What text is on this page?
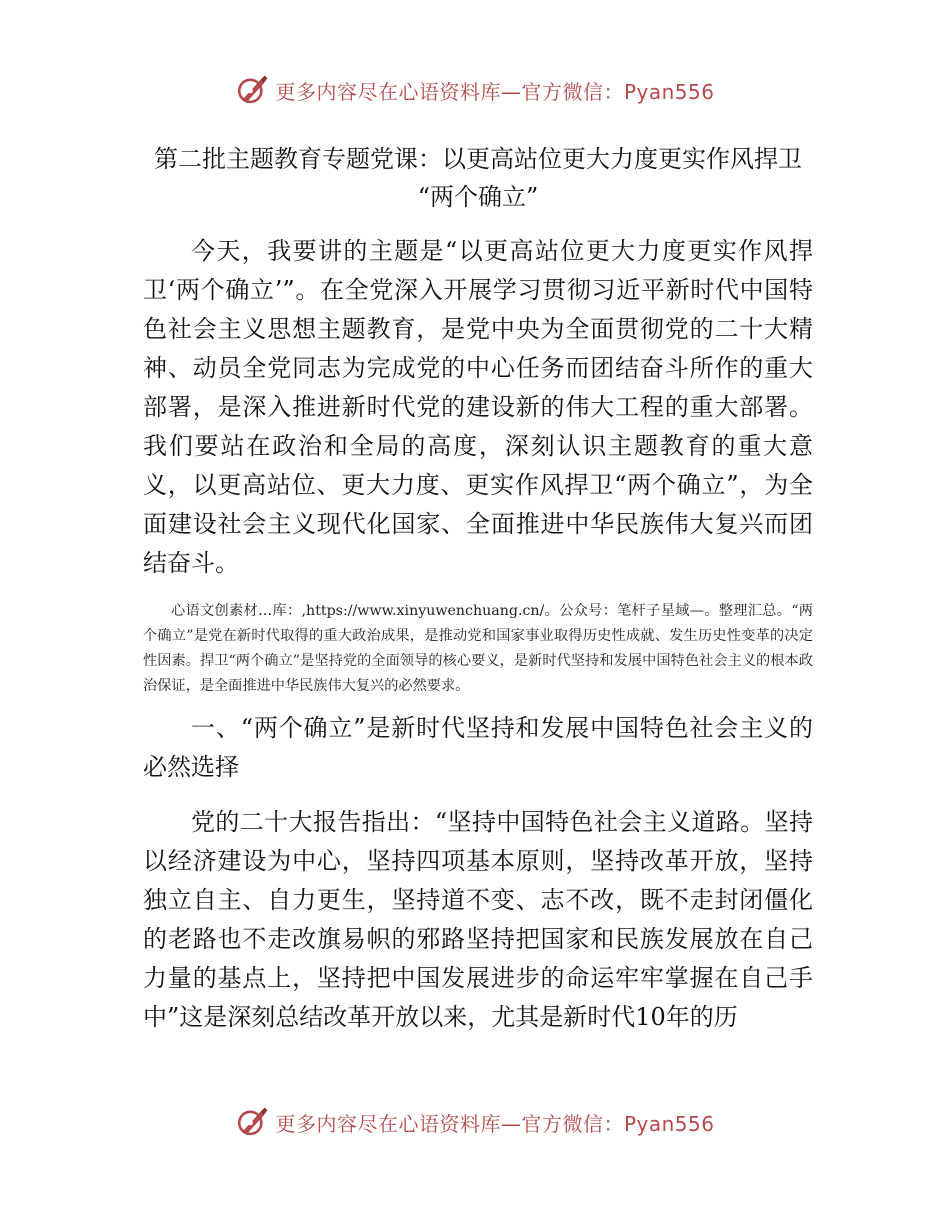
更多内容尽在心语资料库—官方微信：Pyan556
第二批主题教育专题党课：以更高站位更大力度更实作风捍卫
“两个确立”

今天，我要讲的主题是“以更高站位更大力度更实作风捍卫‘两个确立’”。在全党深入开展学习贯彻习近平新时代中国特色社会主义思想主题教育，是党中央为全面贯彻党的二十大精神、动员全党同志为完成党的中心任务而团结奋斗所作的重大部署，是深入推进新时代党的建设新的伟大工程的重大部署。我们要站在政治和全局的高度，深刻认识主题教育的重大意义，以更高站位、更大力度、更实作风捍卫“两个确立”，为全面建设社会主义现代化国家、全面推进中华民族伟大复兴而团结奋斗。

心语文创素材…库：,https://www.xinyuwenchuang.cn/。公众号：笔杆子星域—。整理汇总。“两个确立”是党在新时代取得的重大政治成果，是推动党和国家事业取得历史性成就、发生历史性变革的决定性因素。捍卫“两个确立”是坚持党的全面领导的核心要义，是新时代坚持和发展中国特色社会主义的根本政治保证，是全面推进中华民族伟大复兴的必然要求。

一、“两个确立”是新时代坚持和发展中国特色社会主义的必然选择

党的二十大报告指出：“坚持中国特色社会主义道路。坚持以经济建设为中心，坚持四项基本原则，坚持改革开放，坚持独立自主、自力更生，坚持道不变、志不改，既不走封闭僵化的老路也不走改旗易帜的邪路坚持把国家和民族发展放在自己力量的基点上，坚持把中国发展进步的命运牢牢掌握在自己手中”这是深刻总结改革开放以来，尤其是新时代10年的历

更多内容尽在心语资料库—官方微信：Pyan556
